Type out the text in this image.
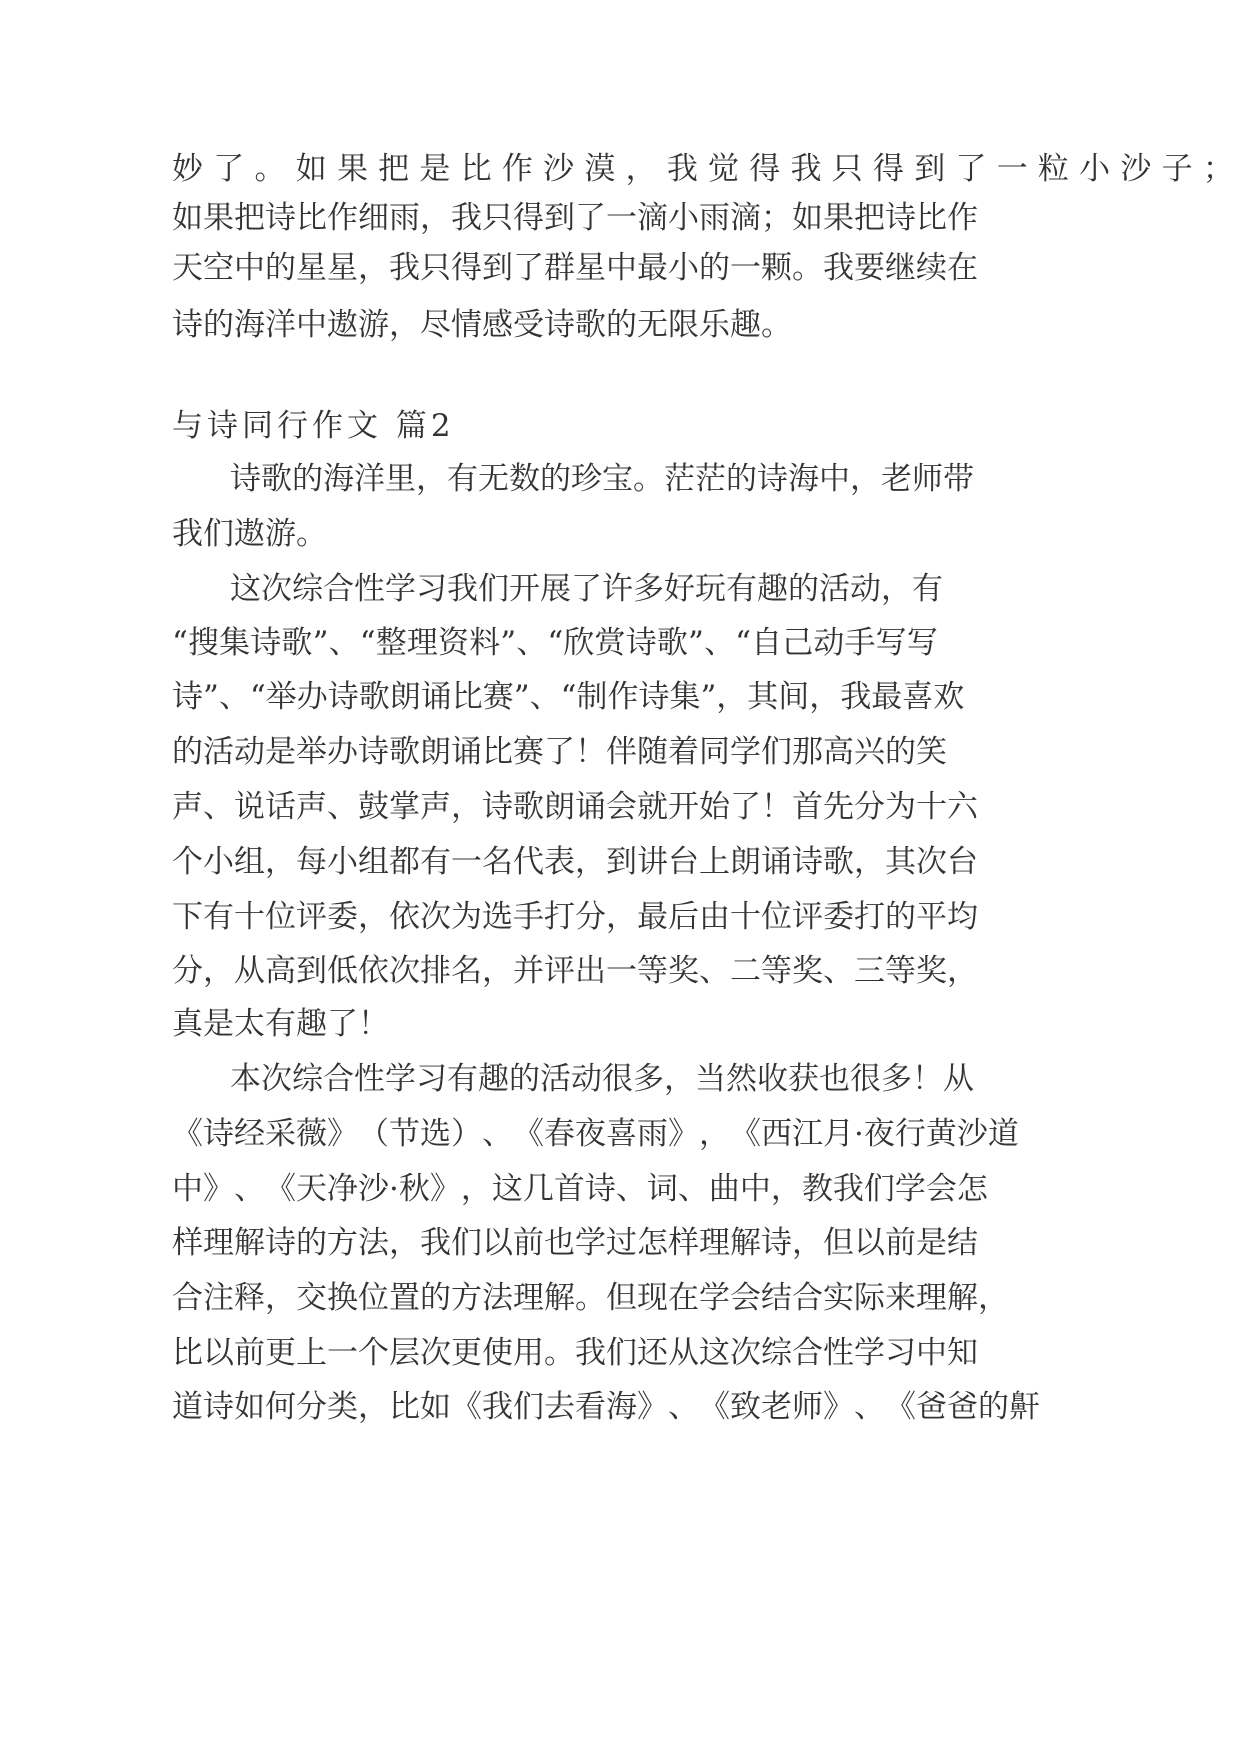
妙 了 。 如 果 把 是 比 作 沙 漠 ， 我 觉 得 我 只 得 到 了 一 粒 小 沙 子 ；
如 果 把 诗 比 作 细 雨 ， 我 只 得 到 了 一 滴 小 雨 滴 ； 如 果 把 诗 比 作
天 空 中 的 星 星 ， 我 只 得 到 了 群 星 中 最 小 的 一 颗 。 我 要 继 续 在
诗的海洋中遨游，尽情感受诗歌的无限乐趣。
与诗同行作文 篇2
诗 歌 的 海 洋 里 ， 有 无 数 的 珍 宝 。 茫 茫 的 诗 海 中 ， 老 师 带
我们遨游。
这 次 综 合 性 学 习 我 们 开 展 了 许 多 好 玩 有 趣 的 活 动 ， 有
“ 搜 集 诗 歌 ” 、 “ 整 理 资 料 ” 、 “ 欣 赏 诗 歌 ” 、 “ 自 己 动 手 写 写
诗 ” 、 “ 举 办 诗 歌 朗 诵 比 赛 ” 、 “ 制 作 诗 集 ” ， 其 间 ， 我 最 喜 欢
的 活 动 是 举 办 诗 歌 朗 诵 比 赛 了 ！ 伴 随 着 同 学 们 那 高 兴 的 笑
声 、 说 话 声 、 鼓 掌 声 ， 诗 歌 朗 诵 会 就 开 始 了 ！ 首 先 分 为 十 六
个 小 组 ， 每 小 组 都 有 一 名 代 表 ， 到 讲 台 上 朗 诵 诗 歌 ， 其 次 台
下 有 十 位 评 委 ， 依 次 为 选 手 打 分 ， 最 后 由 十 位 评 委 打 的 平 均
分 ， 从 高 到 低 依 次 排 名 ， 并 评 出 一 等 奖 、 二 等 奖 、 三 等 奖 ，
真是太有趣了！
本 次 综 合 性 学 习 有 趣 的 活 动 很 多 ， 当 然 收 获 也 很 多 ！ 从
《 诗 经 采 薇 》 （ 节 选 ） 、 《 春 夜 喜 雨 》 ， 《 西 江 月 · 夜 行 黄 沙 道
中 》 、 《 天 净 沙 · 秋 》 ， 这 几 首 诗 、 词 、 曲 中 ， 教 我 们 学 会 怎
样 理 解 诗 的 方 法 ， 我 们 以 前 也 学 过 怎 样 理 解 诗 ， 但 以 前 是 结
合 注 释 ， 交 换 位 置 的 方 法 理 解 。 但 现 在 学 会 结 合 实 际 来 理 解 ，
比 以 前 更 上 一 个 层 次 更 使 用 。 我 们 还 从 这 次 综 合 性 学 习 中 知
道 诗 如 何 分 类 ， 比 如 《 我 们 去 看 海 》 、 《 致 老 师 》 、 《 爸 爸 的 鼾
